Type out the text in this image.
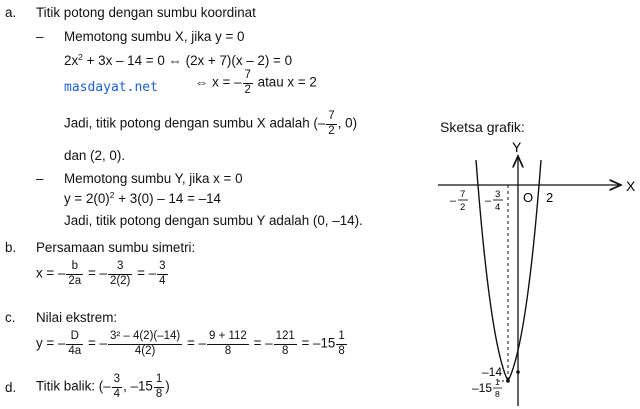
a. Titik potong dengan sumbu koordinat
– Memotong sumbu X, jika y = 0
$2x^2 + 3x - 14 = 0$ ⇔ (2x + 7)(x – 2) = 0
masdayat.net	⇔ x = – $\frac{7}{2}$ atau x = 2
Jadi, titik potong dengan sumbu X adalah (– $\frac{7}{2}$ , 0)
dan (2, 0).
– Memotong sumbu Y, jika x = 0
$y = 2(0)^2 + 3(0) - 14 = -14$
Jadi, titik potong dengan sumbu Y adalah (0, –14).
b. Persamaan sumbu simetri:
x = – $\frac{b}{2a}$ = – $\frac{3}{2(2)}$ = – $\frac{3}{4}$
c. Nilai ekstrem:
y = – $\frac{D}{4a}$ = – $\frac{\text{3² – 4(2)(–14)}}{4(2)}$ = – $\frac{9 + 112}{8}$ = – $\frac{121}{8} = -15 \frac{1}{8}$
d. Titik balik: (– $\frac{3}{4}$ , $-15 \frac{1}{8}$ )
Sketsa grafik:
X
Y
O 2
–
7
2
–
3
4
–14
–15 1
8
